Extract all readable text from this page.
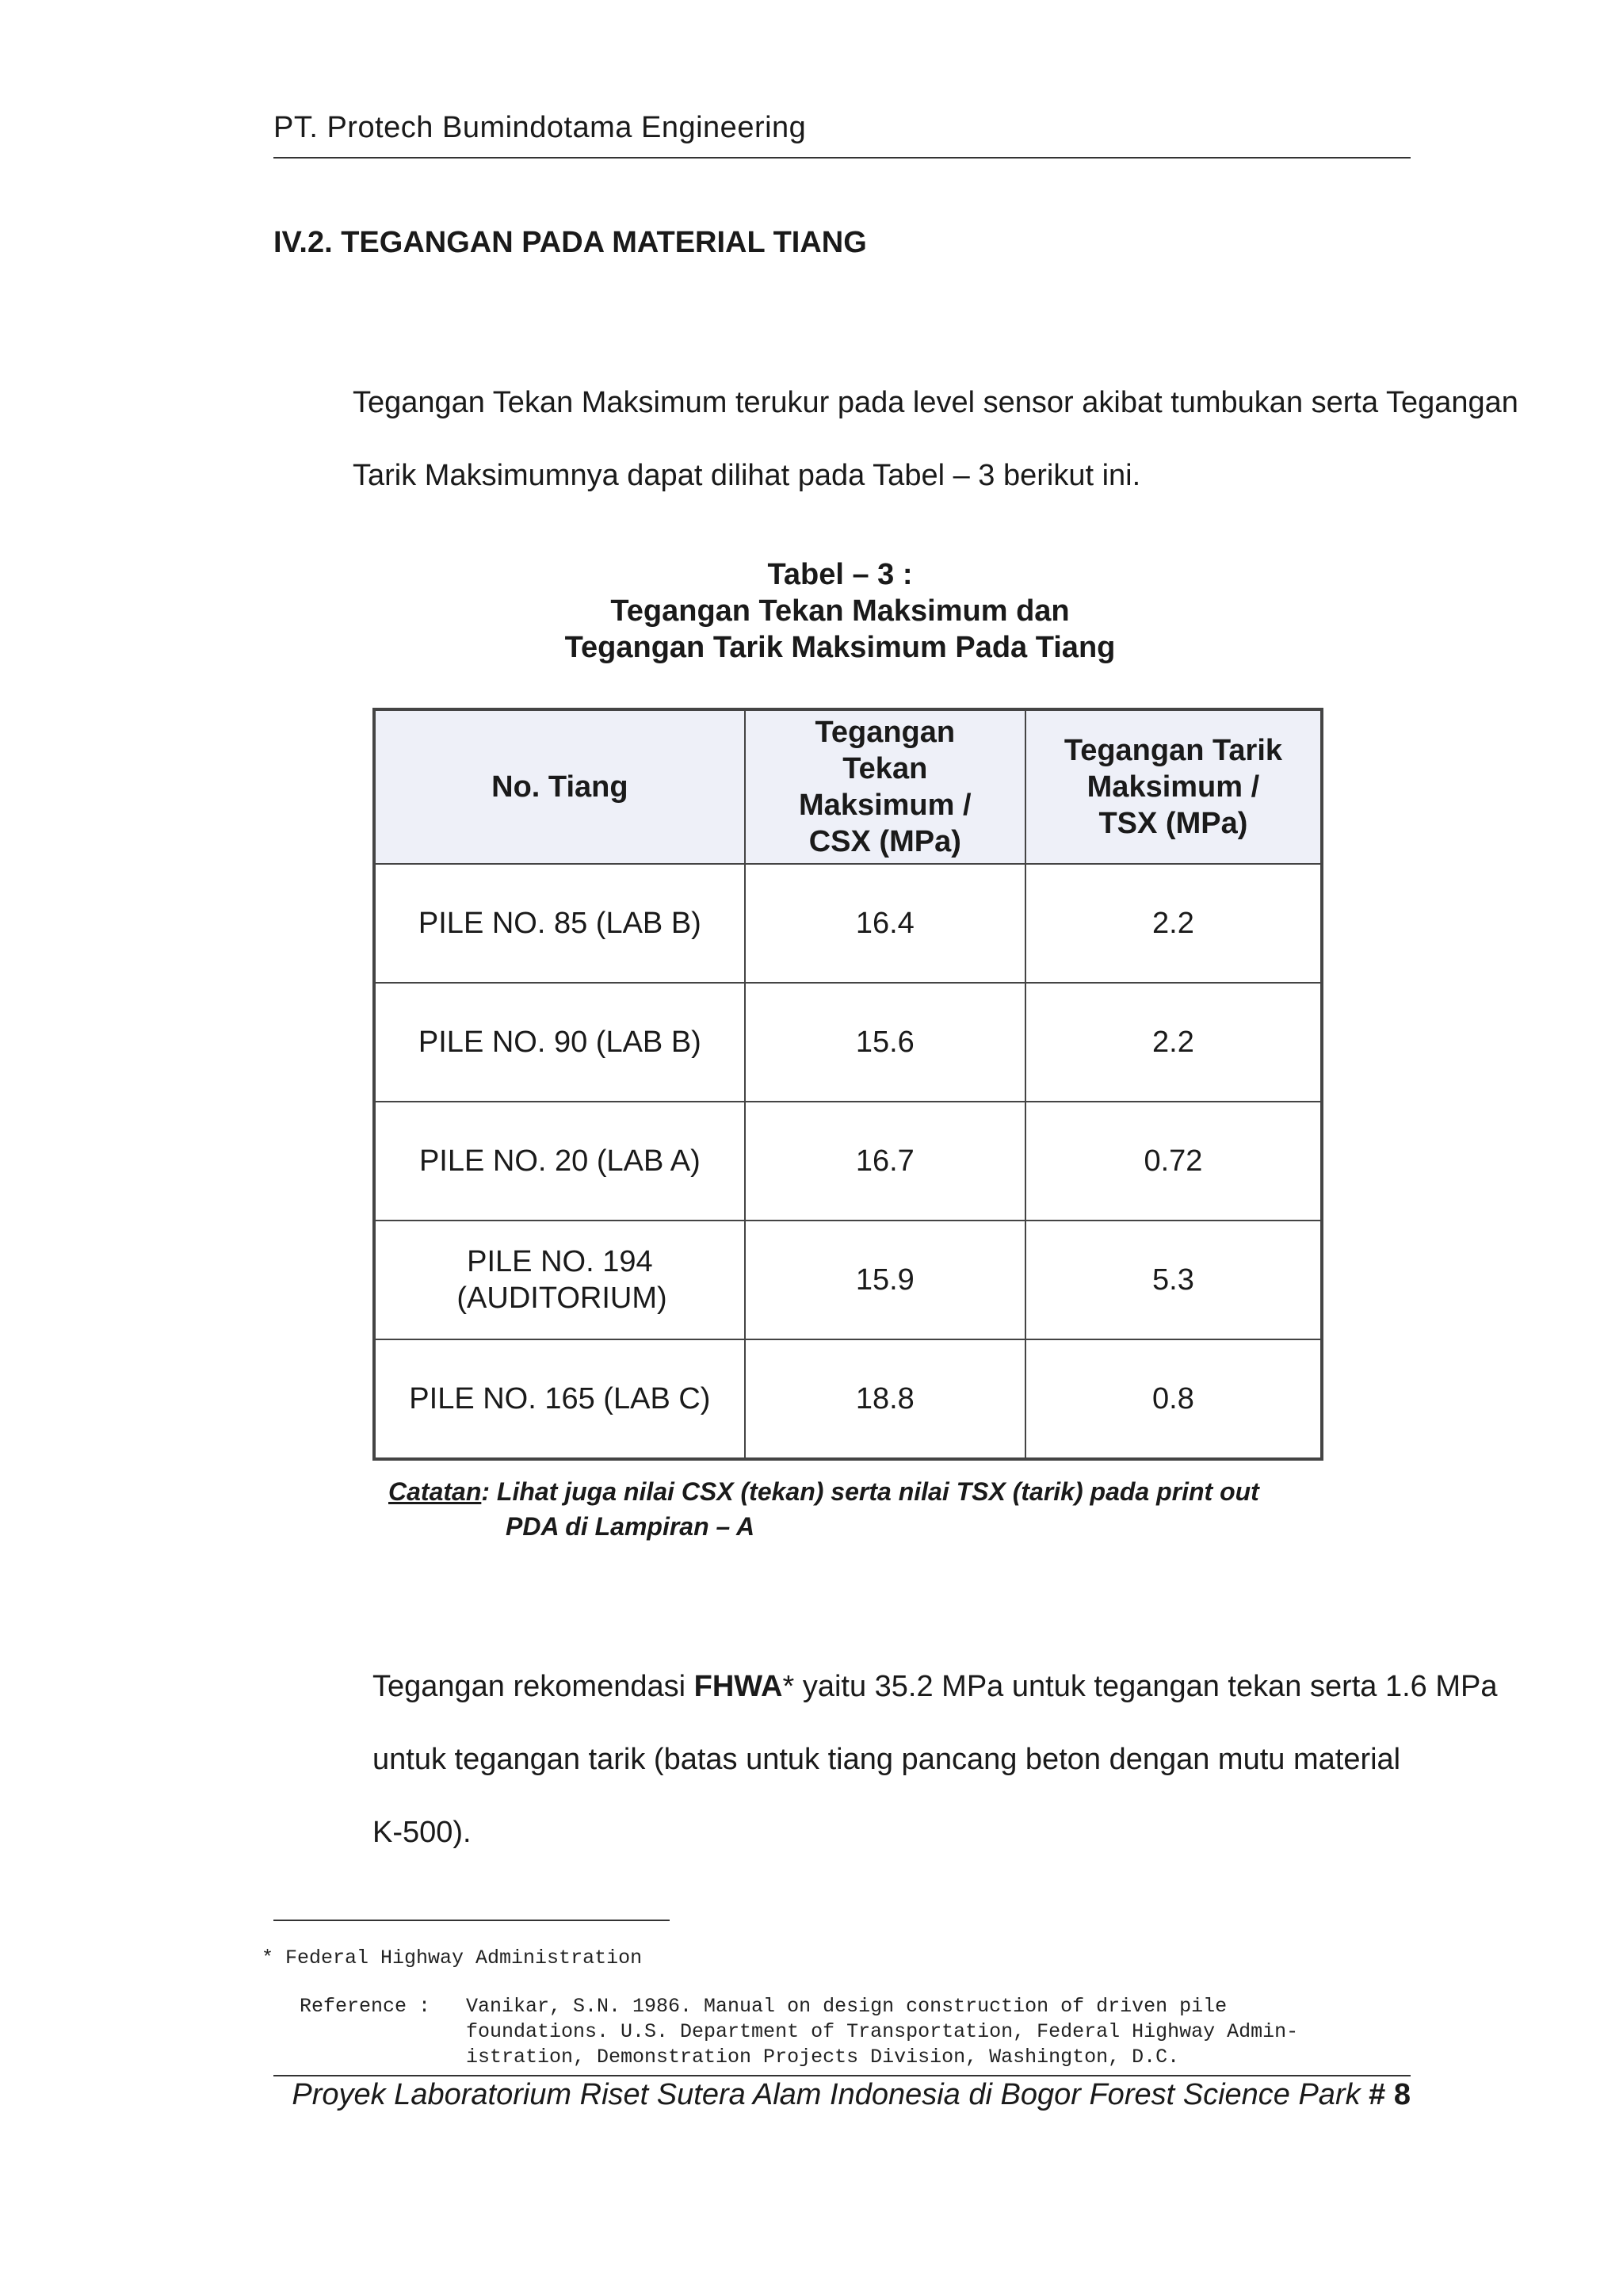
PT. Protech Bumindotama Engineering
IV.2. TEGANGAN PADA MATERIAL TIANG
Tegangan Tekan Maksimum terukur pada level sensor akibat tumbukan serta Tegangan
Tarik Maksimumnya dapat dilihat pada Tabel – 3 berikut ini.
Tabel – 3 :
Tegangan Tekan Maksimum dan
Tegangan Tarik Maksimum Pada Tiang
No. Tiang	Tegangan Tekan Maksimum / CSX (MPa)	Tegangan Tarik Maksimum / TSX (MPa)

PILE NO. 85 (LAB B)	16.4	2.2
PILE NO. 90 (LAB B)	15.6	2.2
PILE NO. 20 (LAB A)	16.7	0.72

PILE NO. 194 (AUDITORIUM)	15.9	5.3
PILE NO. 165 (LAB C)	18.8	0.8
Catatan: Lihat juga nilai CSX (tekan) serta nilai TSX (tarik) pada print out
PDA di Lampiran – A
Tegangan rekomendasi FHWA* yaitu 35.2 MPa untuk tegangan tekan serta 1.6 MPa
untuk tegangan tarik (batas untuk tiang pancang beton dengan mutu material K-500).
* Federal Highway Administration
Reference :	Vanikar, S.N. 1986. Manual on design construction of driven pile
foundations. U.S. Department of Transportation, Federal Highway Admin-
istration, Demonstration Projects Division, Washington, D.C.
Proyek Laboratorium Riset Sutera Alam Indonesia di Bogor Forest Science Park # 8
